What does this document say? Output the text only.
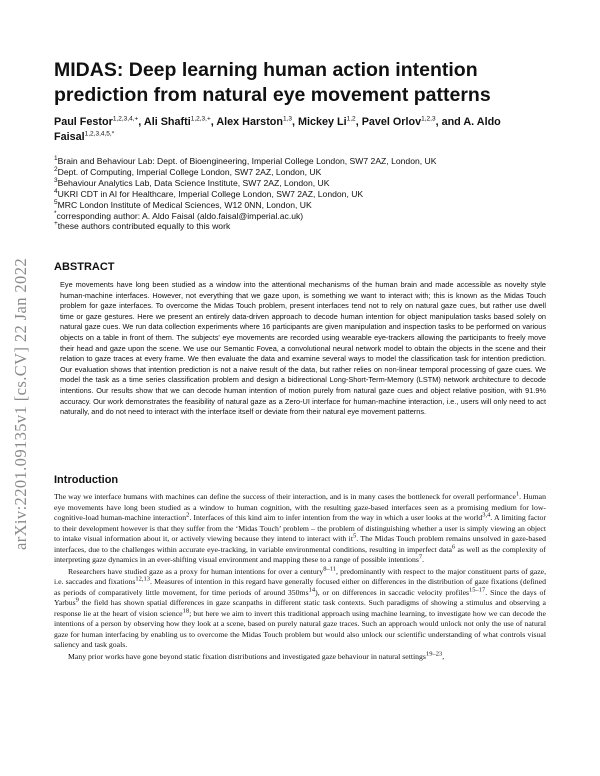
arXiv:2201.09135v1 [cs.CV] 22 Jan 2022
MIDAS: Deep learning human action intention prediction from natural eye movement patterns
Paul Festor$^{1,2,3,4,+}$, Ali Shafti$^{1,2,3,+}$, Alex Harston$^{1,3}$, Mickey Li$^{1,2}$, Pavel Orlov$^{1,2,3}$, and A. Aldo Faisal$^{1,2,3,4,5,*}$
$^1$Brain and Behaviour Lab: Dept. of Bioengineering, Imperial College London, SW7 2AZ, London, UK
$^2$Dept. of Computing, Imperial College London, SW7 2AZ, London, UK
$^3$Behaviour Analytics Lab, Data Science Institute, SW7 2AZ, London, UK
$^4$UKRI CDT in AI for Healthcare, Imperial College London, SW7 2AZ, London, UK
$^5$MRC London Institute of Medical Sciences, W12 0NN, London, UK
*corresponding author: A. Aldo Faisal (aldo.faisal@imperial.ac.uk)
+these authors contributed equally to this work
ABSTRACT

Eye movements have long been studied as a window into the attentional mechanisms of the human brain and made accessible as novelty style human-machine interfaces. However, not everything that we gaze upon, is something we want to interact with; this is known as the Midas Touch problem for gaze interfaces. To overcome the Midas Touch problem, present interfaces tend not to rely on natural gaze cues, but rather use dwell time or gaze gestures. Here we present an entirely data-driven approach to decode human intention for object manipulation tasks based solely on natural gaze cues. We run data collection experiments where 16 participants are given manipulation and inspection tasks to be performed on various objects on a table in front of them. The subjects' eye movements are recorded using wearable eye-trackers allowing the participants to freely move their head and gaze upon the scene. We use our Semantic Fovea, a convolutional neural network model to obtain the objects in the scene and their relation to gaze traces at every frame. We then evaluate the data and examine several ways to model the classification task for intention prediction. Our evaluation shows that intention prediction is not a naive result of the data, but rather relies on non-linear temporal processing of gaze cues. We model the task as a time series classification problem and design a bidirectional Long-Short-Term-Memory (LSTM) network architecture to decode intentions. Our results show that we can decode human intention of motion purely from natural gaze cues and object relative position, with 91.9% accuracy. Our work demonstrates the feasibility of natural gaze as a Zero-UI interface for human-machine interaction, i.e., users will only need to act naturally, and do not need to interact with the interface itself or deviate from their natural eye movement patterns.

Introduction

The way we interface humans with machines can define the success of their interaction, and is in many cases the bottleneck for overall performance$^1$. Human eye movements have long been studied as a window to human cognition, with the resulting gaze-based interfaces seen as a promising medium for low-cognitive-load human-machine interaction$^2$. Interfaces of this kind aim to infer intention from the way in which a user looks at the world$^{3,4}$. A limiting factor to their development however is that they suffer from the ‘Midas Touch’ problem – the problem of distinguishing whether a user is simply viewing an object to intake visual information about it, or actively viewing because they intend to interact with $it^5$. The Midas Touch problem remains unsolved in gaze-based interfaces, due to the challenges within accurate eye-tracking, in variable environmental conditions, resulting in imperfect data$^6$ as well as the complexity of interpreting gaze dynamics in an ever-shifting visual environment and mapping these to a range of possible intentions$^7$.

Researchers have studied gaze as a proxy for human intentions for over a century$^{8-11}$, predominantly with respect to the major constituent parts of gaze, i.e. saccades and fixations$^{12,13}$. Measures of intention in this regard have generally focused either on differences in the distribution of gaze fixations (defined as periods of comparatively little movement, for time periods of around $350ms^{14}$), or on differences in saccadic velocity profiles$^{15-17}$. Since the days of Yarbus$^9$ the field has shown spatial differences in gaze scanpaths in different static task contexts. Such paradigms of showing a stimulus and observing a response lie at the heart of vision science$^{18}$; but here we aim to invert this traditional approach using machine learning, to investigate how we can decode the intentions of a person by observing how they look at a scene, based on purely natural gaze traces. Such an approach would unlock not only the use of natural gaze for human interfacing by enabling us to overcome the Midas Touch problem but would also unlock our scientific understanding of what controls visual saliency and task goals.

Many prior works have gone beyond static fixation distributions and investigated gaze behaviour in natural settings$^{19-23}$,
